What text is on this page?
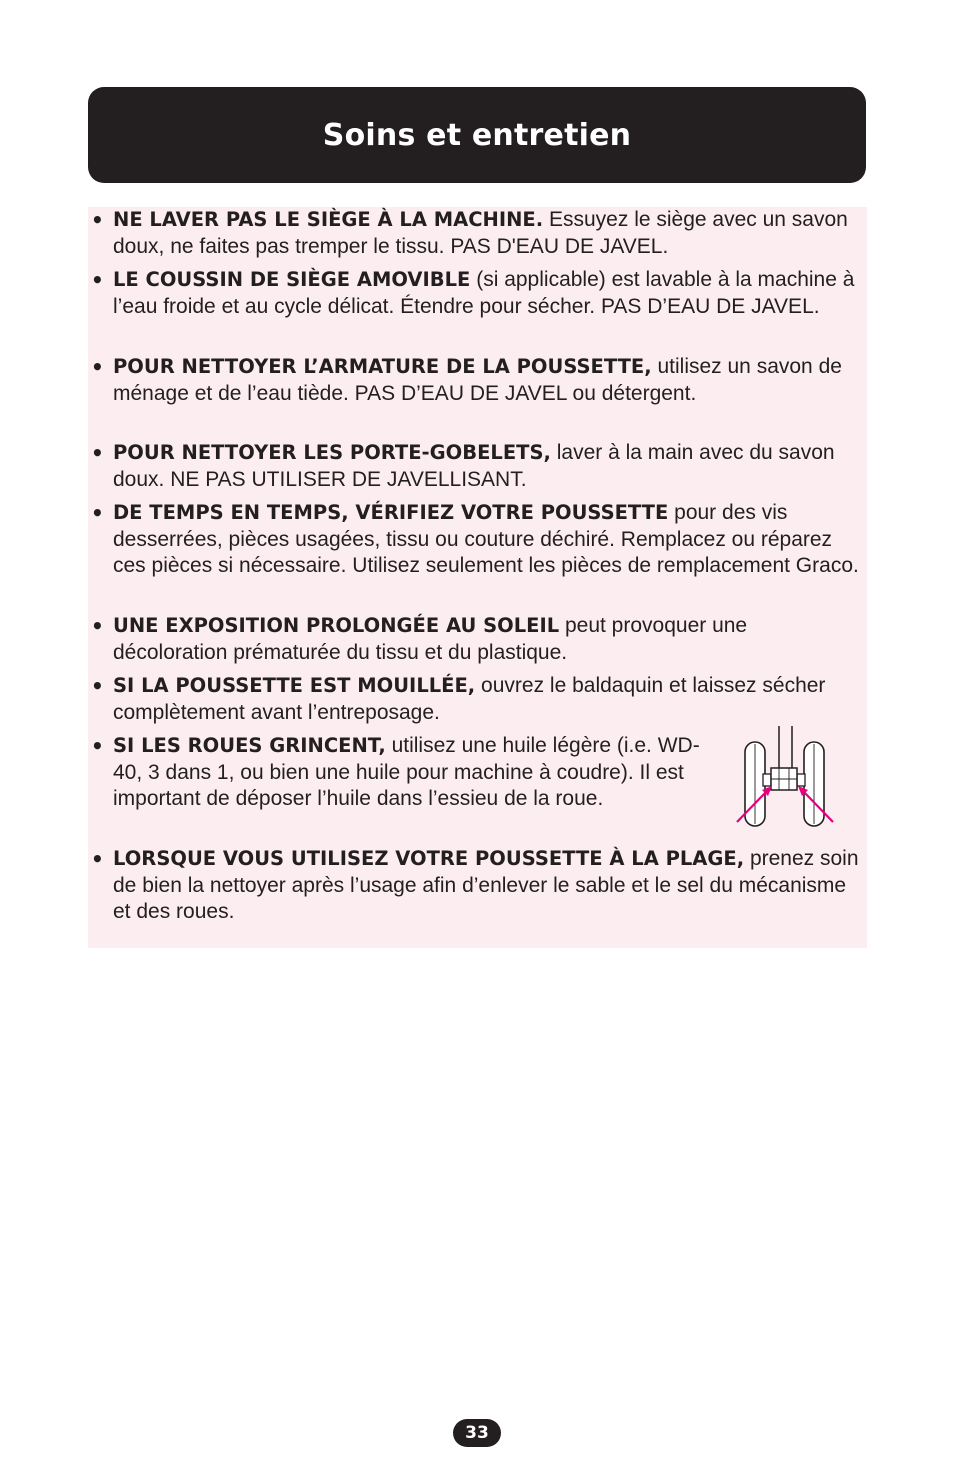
Soins et entretien
• NE LAVER PAS LE SIÈGE À LA MACHINE. Essuyez le siège avec un savon doux, ne faites pas tremper le tissu. PAS D'EAU DE JAVEL.
• LE COUSSIN DE SIÈGE AMOVIBLE (si applicable) est lavable à la machine à l’eau froide et au cycle délicat. Étendre pour sécher. PAS D’EAU DE JAVEL.
• POUR NETTOYER L’ARMATURE DE LA POUSSETTE, utilisez un savon de ménage et de l’eau tiède. PAS D’EAU DE JAVEL ou détergent.
• POUR NETTOYER LES PORTE-GOBELETS, laver à la main avec du savon doux. NE PAS UTILISER DE JAVELLISANT.
• DE TEMPS EN TEMPS, VÉRIFIEZ VOTRE POUSSETTE pour des vis desserrées, pièces usagées, tissu ou couture déchiré. Remplacez ou réparez ces pièces si nécessaire. Utilisez seulement les pièces de remplacement Graco.
• UNE EXPOSITION PROLONGÉE AU SOLEIL peut provoquer une décoloration prématurée du tissu et du plastique.
• SI LA POUSSETTE EST MOUILLÉE, ouvrez le baldaquin et laissez sécher complètement avant l’entreposage.
• SI LES ROUES GRINCENT, utilisez une huile légère (i.e. WD-40, 3 dans 1, ou bien une huile pour machine à coudre). Il est important de déposer l’huile dans l’essieu de la roue.
• LORSQUE VOUS UTILISEZ VOTRE POUSSETTE À LA PLAGE, prenez soin de bien la nettoyer après l’usage afin d’enlever le sable et le sel du mécanisme et des roues.
33
